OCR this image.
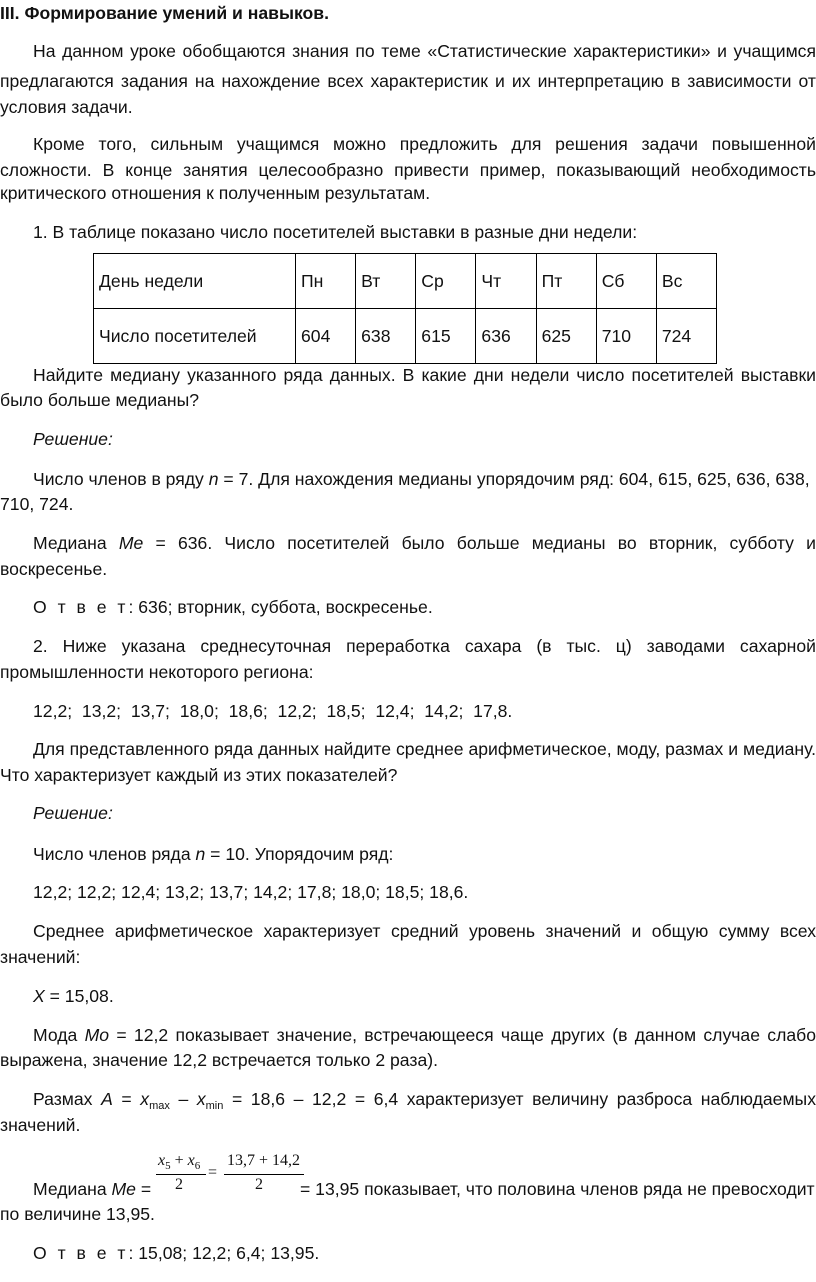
III. Формирование умений и навыков.
На данном уроке обобщаются знания по теме «Статистические характеристики» и учащимся
предлагаются задания на нахождение всех характеристик и их интерпретацию в зависимости от
условия задачи.
Кроме того, сильным учащимся можно предложить для решения задачи повышенной
сложности. В конце занятия целесообразно привести пример, показывающий необходимость
критического отношения к полученным результатам.
1. В таблице показано число посетителей выставки в разные дни недели:
День недели	Пн	Вт	Ср	Чт	Пт	Сб	Вс
Число посетителей	604	638	615	636	625	710	724
Найдите медиану указанного ряда данных. В какие дни недели число посетителей выставки
было больше медианы?
Решение:
Число членов в ряду n = 7. Для нахождения медианы упорядочим ряд: 604, 615, 625, 636, 638,
710, 724.
Медиана Ме = 636. Число посетителей было больше медианы во вторник, субботу и
воскресенье.
О т в е т: 636; вторник, суббота, воскресенье.
2. Ниже указана среднесуточная переработка сахара (в тыс. ц) заводами сахарной
промышленности некоторого региона:
12,2;  13,2;  13,7;  18,0;  18,6;  12,2;  18,5;  12,4;  14,2;  17,8.
Для представленного ряда данных найдите среднее арифметическое, моду, размах и медиану.
Что характеризует каждый из этих показателей?
Решение:
Число членов ряда n = 10. Упорядочим ряд:
12,2; 12,2; 12,4; 13,2; 13,7; 14,2; 17,8; 18,0; 18,5; 18,6.
Среднее арифметическое характеризует средний уровень значений и общую сумму всех
значений:
X = 15,08.
Мода Мо = 12,2 показывает значение, встречающееся чаще других (в данном случае слабо
выражена, значение 12,2 встречается только 2 раза).
Размах $А = x_{max} - x_{min} = 18,6 - 12,2 = 6,4$ характеризует величину разброса наблюдаемых
значений.
Медиана Ме =
$x_5 + x_6$
2
=
13,7 + 14,2
2 = 13,95 показывает, что половина членов ряда не превосходит
по величине 13,95.
О т в е т: 15,08; 12,2; 6,4; 13,95.
